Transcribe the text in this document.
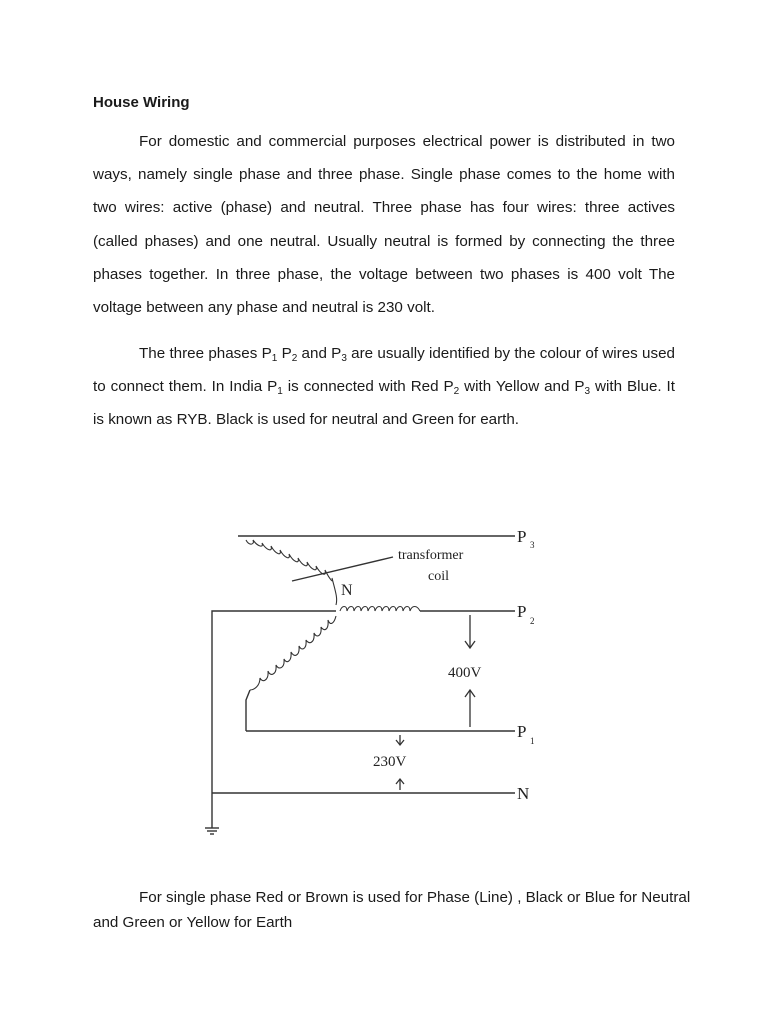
House Wiring

For domestic and commercial purposes electrical power is distributed in two ways, namely single phase and three phase. Single phase comes to the home with two wires: active (phase) and neutral. Three phase has four wires: three actives (called phases) and one neutral. Usually neutral is formed by connecting the three phases together. In three phase, the voltage between two phases is 400 volt The voltage between any phase and neutral is 230 volt.

The three phases $P_1$ $P_2$ and $P_3$ are usually identified by the colour of wires used to connect them. In India $P_1$ is connected with Red $P_2$ with Yellow and $P_3$ with Blue. It is known as RYB. Black is used for neutral and Green for earth.

transformer
coil
N
P 3
P 2
P 1
N
400V
230V

For single phase Red or Brown is used for Phase (Line) , Black or Blue for Neutral and Green or Yellow for Earth
